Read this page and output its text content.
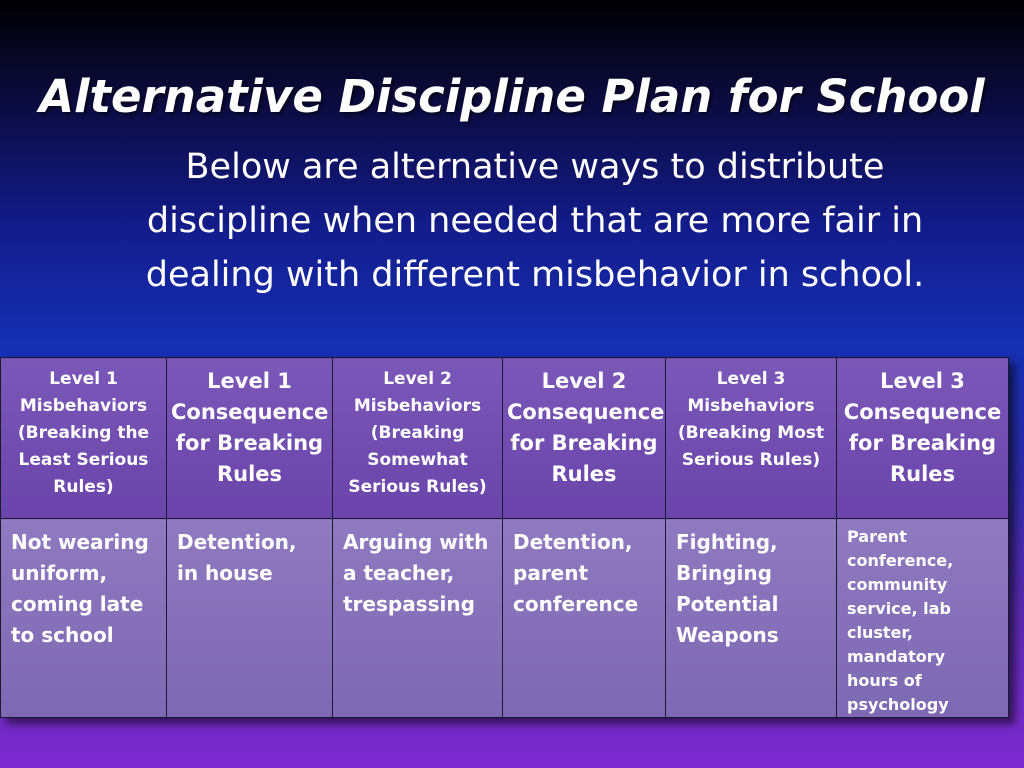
Alternative Discipline Plan for School
Below are alternative ways to distribute discipline when needed that are more fair in dealing with different misbehavior in school.
Level 1 Misbehaviors (Breaking the Least Serious Rules)	Level 1 Consequence for Breaking Rules	Level 2 Misbehaviors (Breaking Somewhat Serious Rules)	Level 2 Consequence for Breaking Rules	Level 3 Misbehaviors (Breaking Most Serious Rules)	Level 3 Consequence for Breaking Rules
Not wearing uniform, coming late to school	Detention, in house	Arguing with a teacher, trespassing	Detention, parent conference	Fighting, Bringing Potential Weapons	Parent conference, community service, lab cluster, mandatory hours of psychology
